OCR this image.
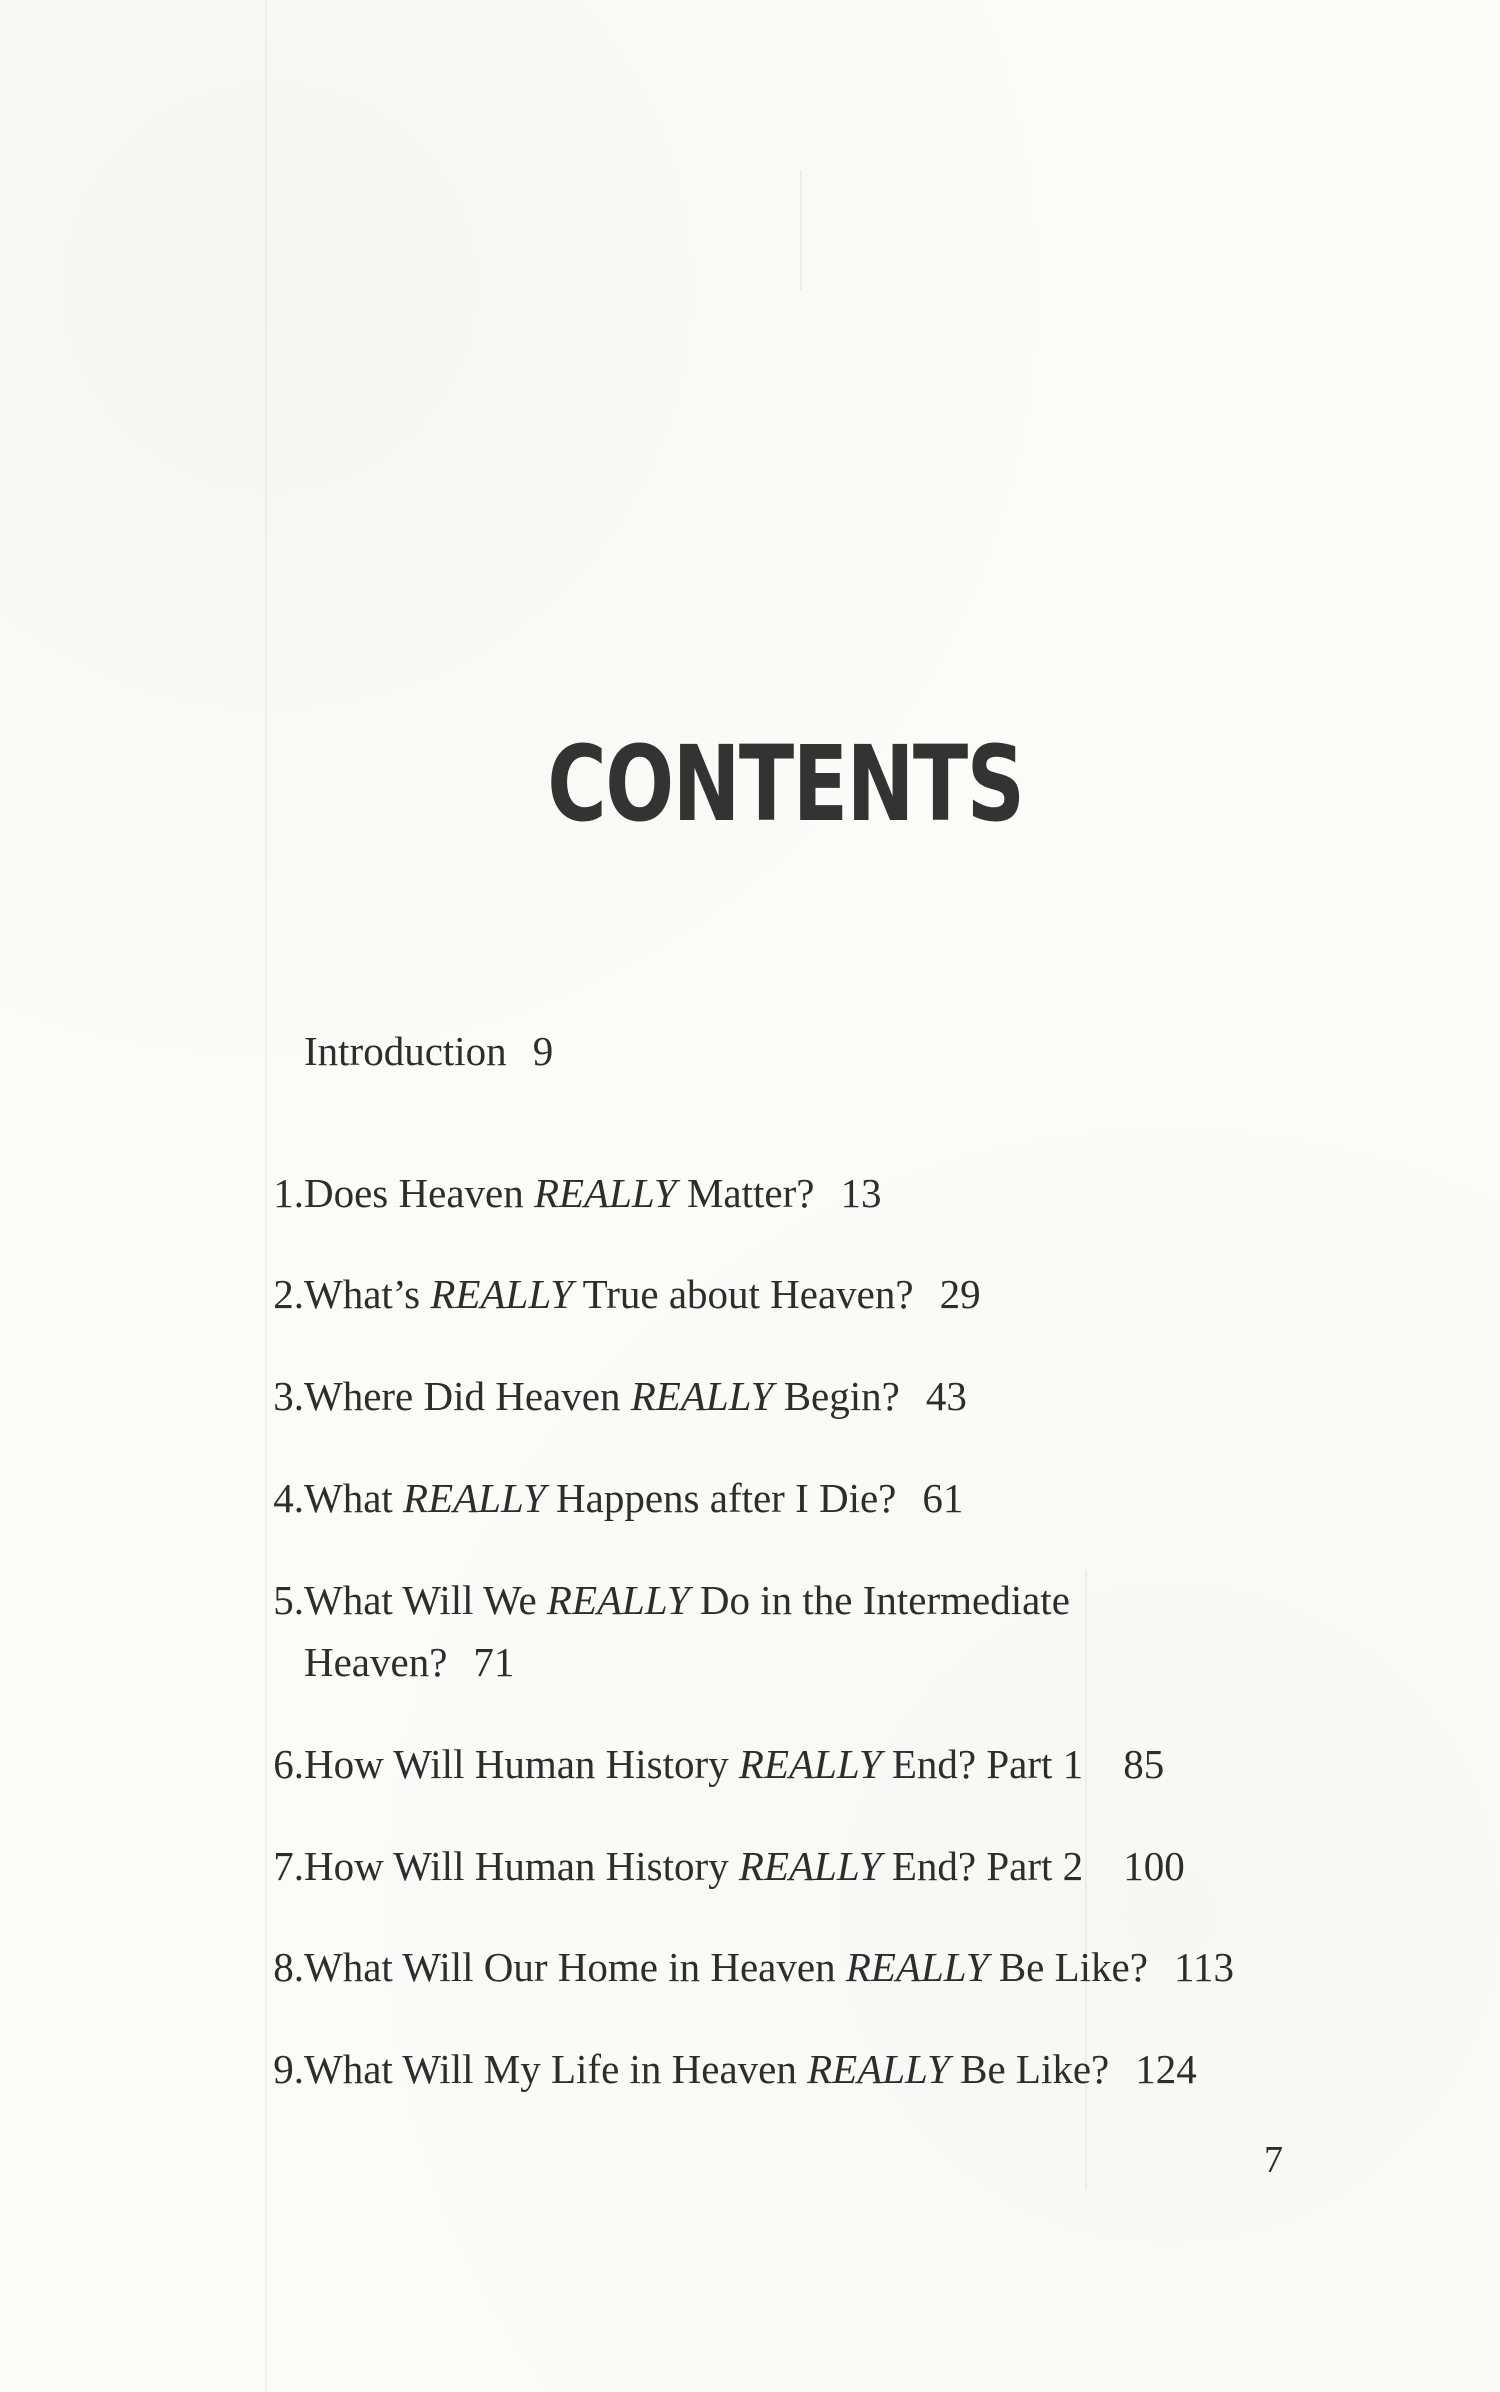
CONTENTS
Introduction 9
1. Does Heaven REALLY Matter? 13
2. What’s REALLY True about Heaven? 29
3. Where Did Heaven REALLY Begin? 43
4. What REALLY Happens after I Die? 61
5. What Will We REALLY Do in the Intermediate
Heaven? 71
6. How Will Human History REALLY End? Part 1 85
7. How Will Human History REALLY End? Part 2 100
8. What Will Our Home in Heaven REALLY Be Like? 113
9. What Will My Life in Heaven REALLY Be Like? 124
7
